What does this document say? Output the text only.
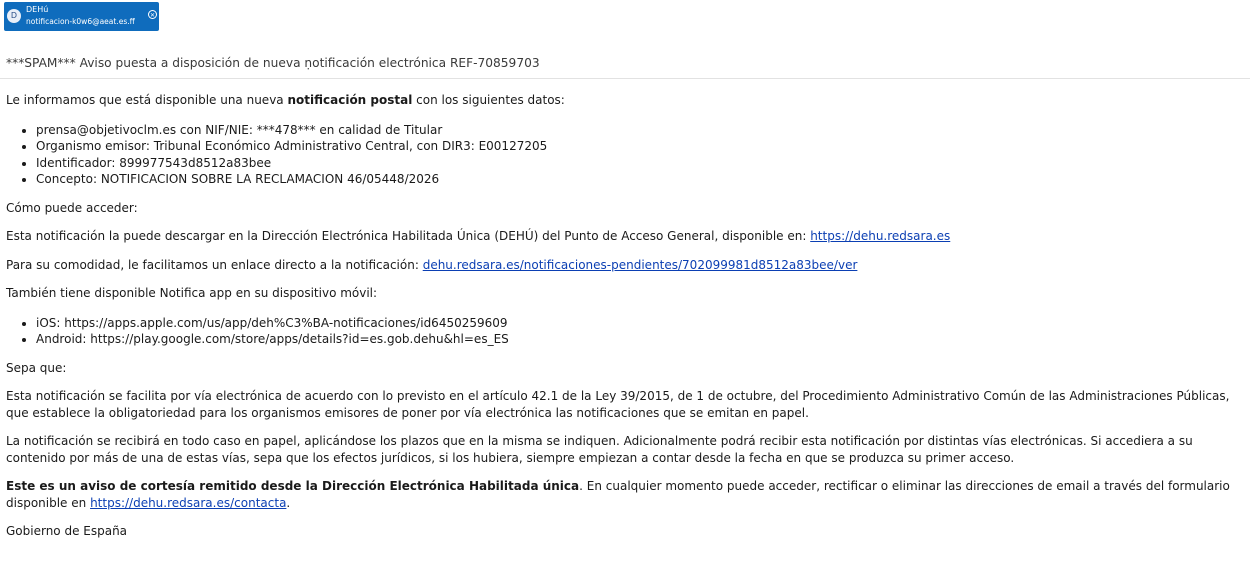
D
DEHú
notificacion-k0w6@aeat.es.ff
✕
***SPAM*** Aviso puesta a disposición de nueva ṇotificación electrónica REF-70859703

Le informamos que está disponible una nueva notificación postal con los siguientes datos:

• prensa@objetivoclm.es con NIF/NIE: ***478*** en calidad de Titular
• Organismo emisor: Tribunal Económico Administrativo Central, con DIR3: E00127205
• Identificador: 899977543d8512a83bee
• Concepto: NOTIFICACION SOBRE LA RECLAMACION 46/05448/2026

Cómo puede acceder:

Esta notificación la puede descargar en la Dirección Electrónica Habilitada Única (DEHÚ) del Punto de Acceso General, disponible en: https://dehu.redsara.es

Para su comodidad, le facilitamos un enlace directo a la notificación: dehu.redsara.es/notificaciones-pendientes/702099981d8512a83bee/ver

También tiene disponible Notifica app en su dispositivo móvil:

• iOS: https://apps.apple.com/us/app/deh%C3%BA-notificaciones/id6450259609
• Android: https://play.google.com/store/apps/details?id=es.gob.dehu&hl=es_ES

Sepa que:

Esta notificación se facilita por vía electrónica de acuerdo con lo previsto en el artículo 42.1 de la Ley 39/2015, de 1 de octubre, del Procedimiento Administrativo Común de las Administraciones Públicas, que establece la obligatoriedad para los organismos emisores de poner por vía electrónica las notificaciones que se emitan en papel.

La notificación se recibirá en todo caso en papel, aplicándose los plazos que en la misma se indiquen. Adicionalmente podrá recibir esta notificación por distintas vías electrónicas. Si accediera a su contenido por más de una de estas vías, sepa que los efectos jurídicos, si los hubiera, siempre empiezan a contar desde la fecha en que se produzca su primer acceso.

Este es un aviso de cortesía remitido desde la Dirección Electrónica Habilitada única. En cualquier momento puede acceder, rectificar o eliminar las direcciones de email a través del formulario disponible en https://dehu.redsara.es/contacta.

Gobierno de España
